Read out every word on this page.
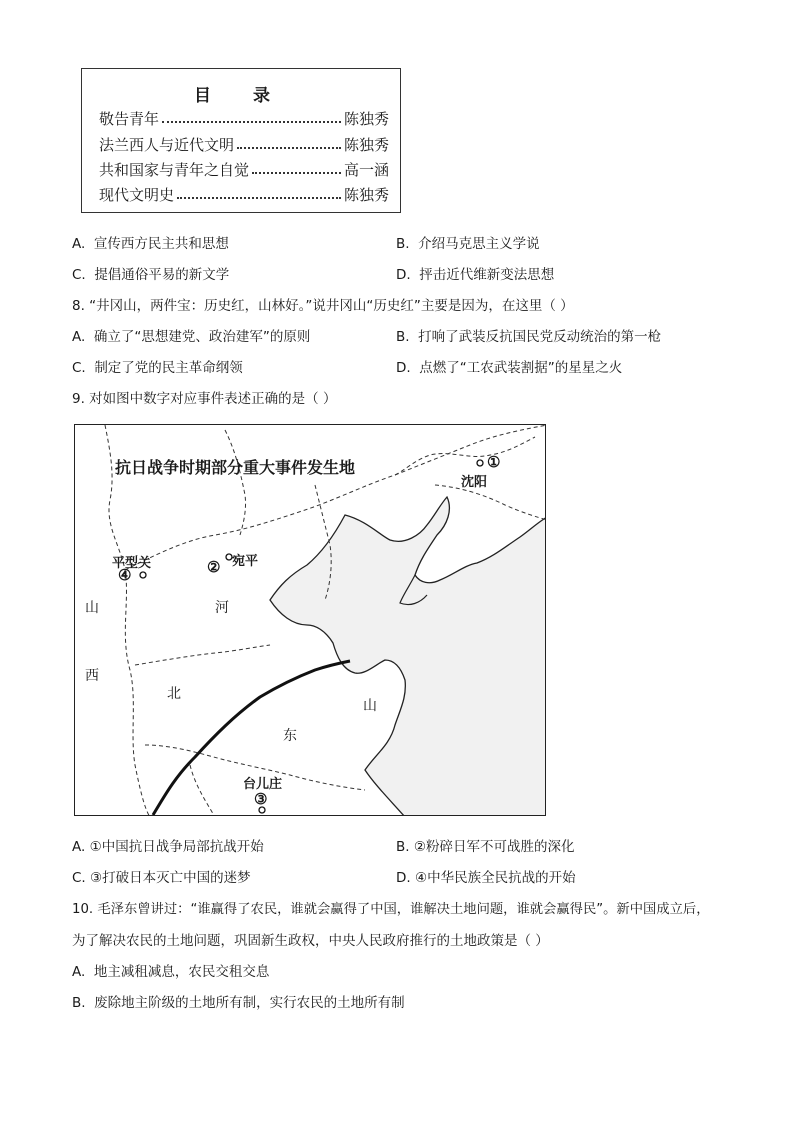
目 录
敬告青年	陈独秀
法兰西人与近代文明	陈独秀
共和国家与青年之自觉	高一涵
现代文明史	陈独秀
A. 宣传西方民主共和思想	B. 介绍马克思主义学说
C. 提倡通俗平易的新文学	D. 抨击近代维新变法思想
8. “井冈山，两件宝：历史红，山林好。”说井冈山“历史红”主要是因为，在这里（ ）
A. 确立了“思想建党、政治建军”的原则	B. 打响了武装反抗国民党反动统治的第一枪
C. 制定了党的民主革命纲领	D. 点燃了“工农武装割据”的星星之火
9. 对如图中数字对应事件表述正确的是（ ）
抗日战争时期部分重大事件发生地	①
沈阳
② 宛平
平型关
④
台儿庄
③
山
西
河
北
山
东
A. ①中国抗日战争局部抗战开始	B. ②粉碎日军不可战胜的深化
C. ③打破日本灭亡中国的迷梦	D. ④中华民族全民抗战的开始
10. 毛泽东曾讲过：“谁赢得了农民，谁就会赢得了中国，谁解决土地问题，谁就会赢得民”。新中国成立后，
为了解决农民的土地问题，巩固新生政权，中央人民政府推行的土地政策是（ ）
A. 地主减租减息，农民交租交息
B. 废除地主阶级的土地所有制，实行农民的土地所有制
